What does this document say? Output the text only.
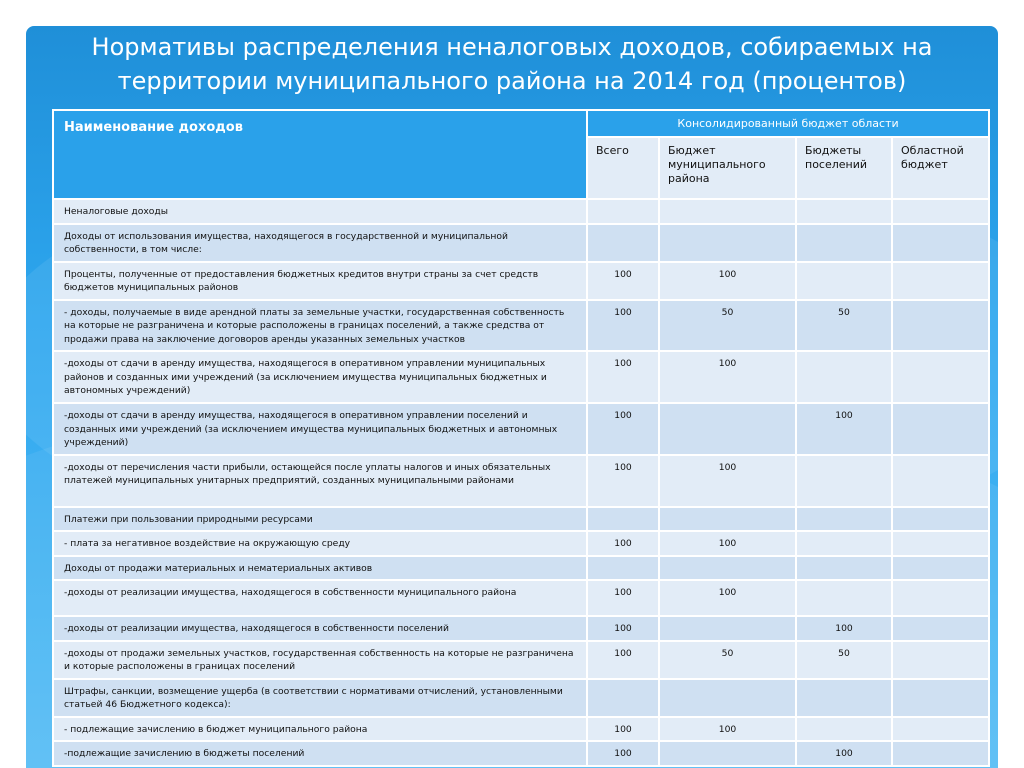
Нормативы распределения неналоговых доходов, собираемых на территории муниципального района на 2014 год (процентов)
Наименование доходов	Консолидированный бюджет области			
	Всего	Бюджет муниципального района	Бюджеты поселений	Областной бюджет
Неналоговые доходы				
Доходы от использования имущества, находящегося в государственной и муниципальной собственности, в том числе:				
Проценты, полученные от предоставления бюджетных кредитов внутри страны за счет средств бюджетов муниципальных районов	100	100		
- доходы, получаемые в виде арендной платы за земельные участки, государственная собственность на которые не разграничена и которые расположены в границах поселений, а также средства от продажи права на заключение договоров аренды указанных земельных участков	100	50	50	
-доходы от сдачи в аренду имущества, находящегося в оперативном управлении муниципальных районов и созданных ими учреждений (за исключением имущества муниципальных бюджетных и автономных учреждений)	100	100		
-доходы от сдачи в аренду имущества, находящегося в оперативном управлении поселений и созданных ими учреждений (за исключением имущества муниципальных бюджетных и автономных учреждений)	100		100	
-доходы от перечисления части прибыли, остающейся после уплаты налогов и иных обязательных платежей муниципальных унитарных предприятий, созданных муниципальными районами	100	100		
Платежи при пользовании природными ресурсами				
- плата за негативное воздействие на окружающую среду	100	100		
Доходы от продажи материальных и нематериальных активов				
-доходы от реализации имущества, находящегося в собственности муниципального района	100	100		
-доходы от реализации имущества, находящегося в собственности поселений	100		100	
-доходы от продажи земельных участков, государственная собственность на которые не разграничена и которые расположены в границах поселений	100	50	50	
Штрафы, санкции, возмещение ущерба (в соответствии с нормативами отчислений, установленными статьей 46 Бюджетного кодекса):				
- подлежащие зачислению в бюджет муниципального района	100	100		
-подлежащие зачислению в бюджеты поселений	100		100	
